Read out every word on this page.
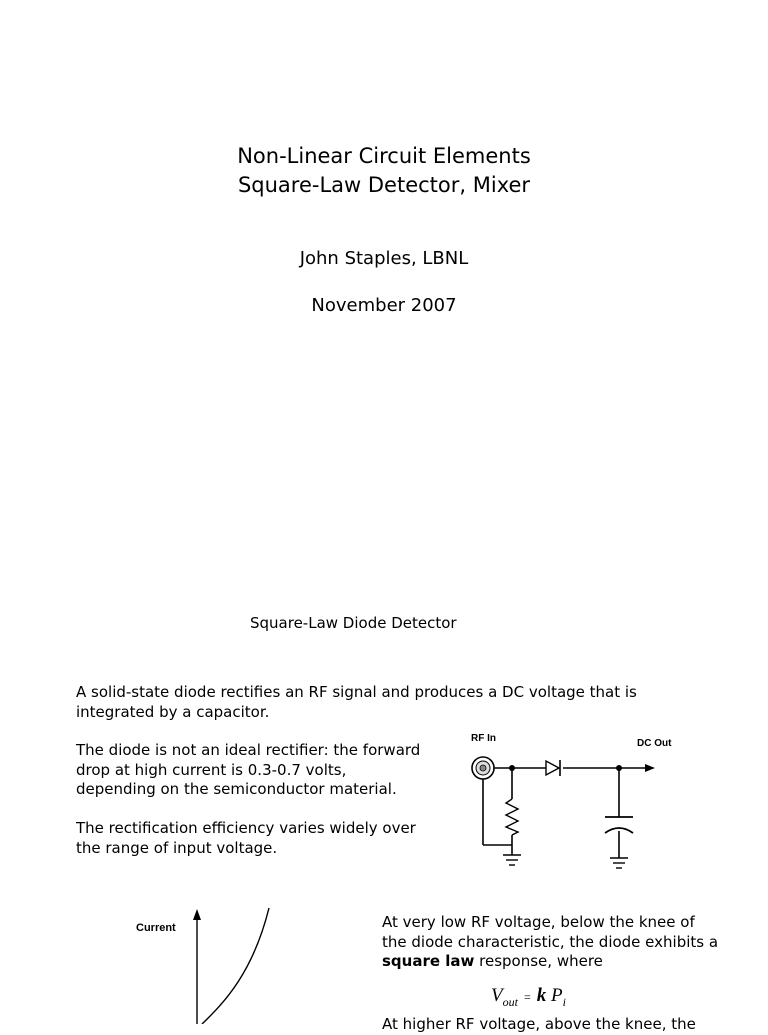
Non-Linear Circuit Elements
Square-Law Detector, Mixer
John Staples, LBNL
November 2007
Square-Law Diode Detector
A solid-state diode rectifies an RF signal and produces a DC voltage that is integrated by a capacitor.
The diode is not an ideal rectifier: the forward drop at high current is 0.3-0.7 volts, depending on the semiconductor material.
The rectification efficiency varies widely over the range of input voltage.
At very low RF voltage, below the knee of the diode characteristic, the diode exhibits a square law response, where
$V_{out} = k$ $P_i$
At higher RF voltage, above the knee, the
RF In	DC Out
Current
